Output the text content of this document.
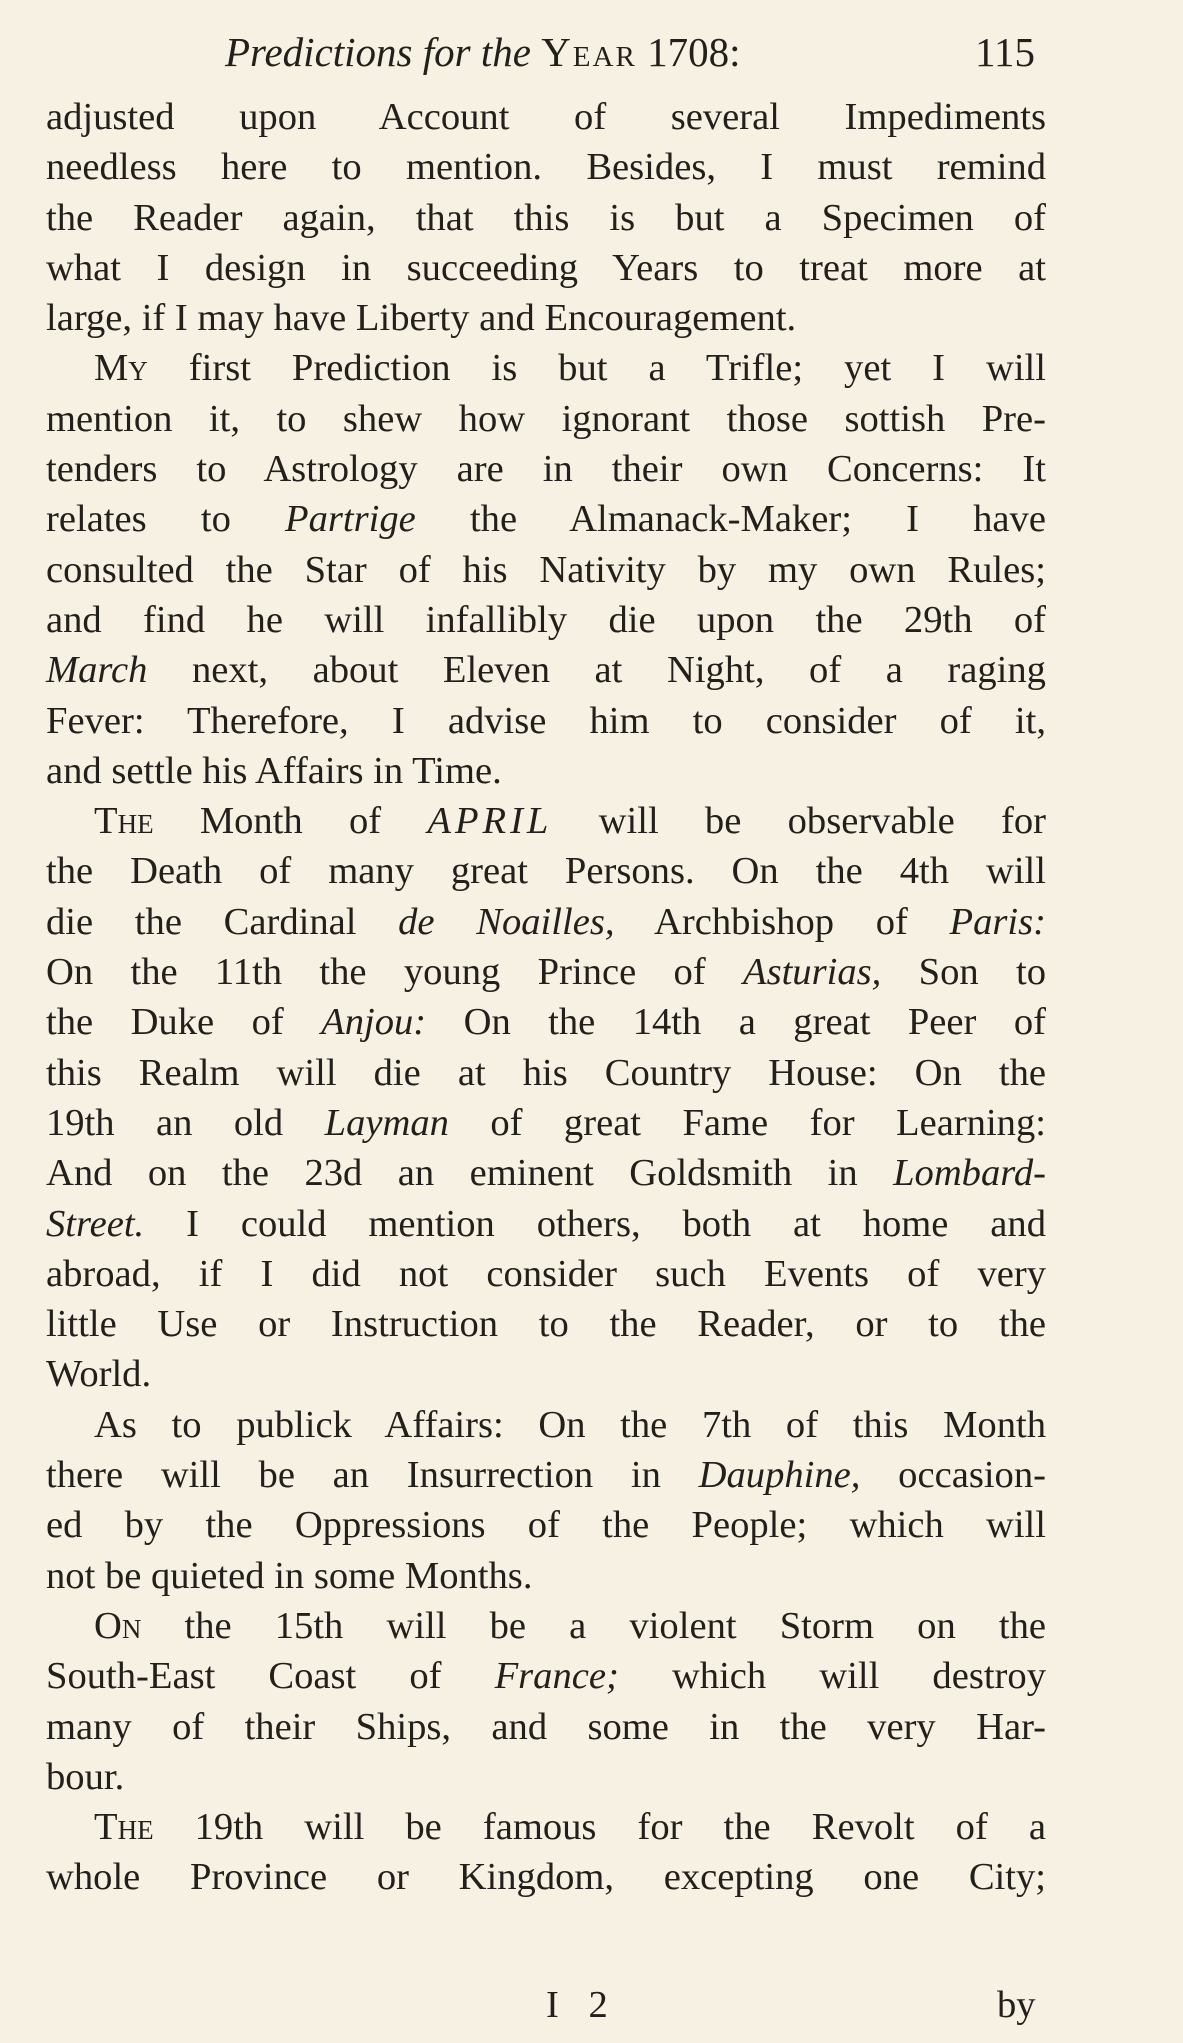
Predictions for the Year 1708:	115
adjusted upon Account of several Impediments
needless here to mention. Besides, I must remind
the Reader again, that this is but a Specimen of
what I design in succeeding Years to treat more at
large, if I may have Liberty and Encouragement.
My first Prediction is but a Trifle; yet I will
mention it, to shew how ignorant those sottish Pre-
tenders to Astrology are in their own Concerns: It
relates to Partrige the Almanack-Maker; I have
consulted the Star of his Nativity by my own Rules;
and find he will infallibly die upon the 29th of
March next, about Eleven at Night, of a raging
Fever: Therefore, I advise him to consider of it,
and settle his Affairs in Time.
The Month of APRIL will be observable for
the Death of many great Persons. On the 4th will
die the Cardinal de Noailles, Archbishop of Paris:
On the 11th the young Prince of Asturias, Son to
the Duke of Anjou: On the 14th a great Peer of
this Realm will die at his Country House: On the
19th an old Layman of great Fame for Learning:
And on the 23d an eminent Goldsmith in Lombard-
Street. I could mention others, both at home and
abroad, if I did not consider such Events of very
little Use or Instruction to the Reader, or to the
World.
As to publick Affairs: On the 7th of this Month
there will be an Insurrection in Dauphine, occasion-
ed by the Oppressions of the People; which will
not be quieted in some Months.
On the 15th will be a violent Storm on the
South-East Coast of France; which will destroy
many of their Ships, and some in the very Har-
bour.
The 19th will be famous for the Revolt of a
whole Province or Kingdom, excepting one City;
I 2	by
